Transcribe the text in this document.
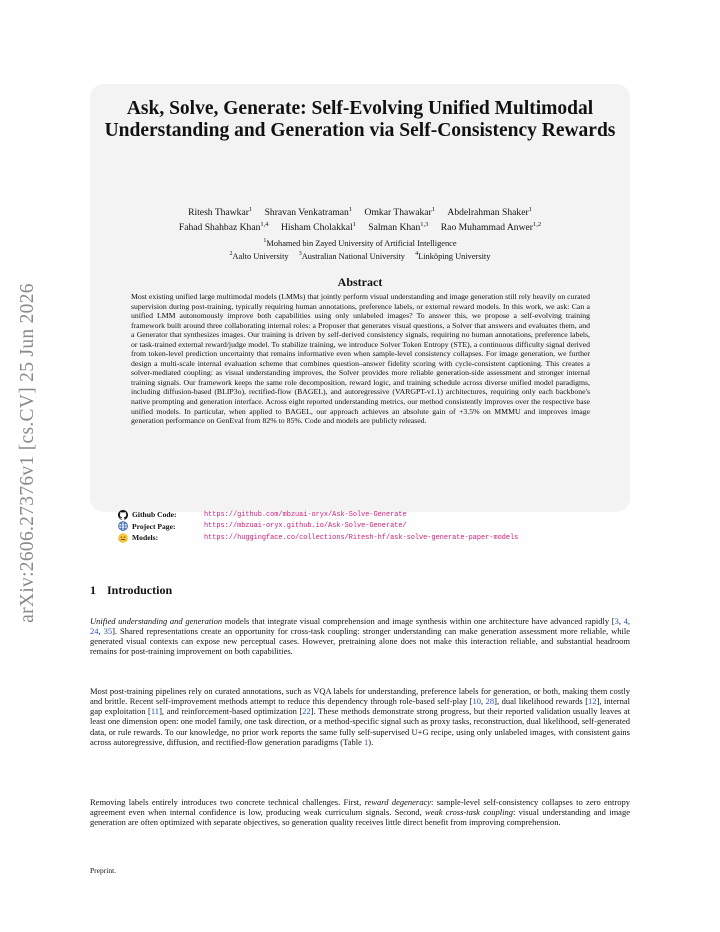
arXiv:2606.27376v1 [cs.CV] 25 Jun 2026
Ask, Solve, Generate: Self-Evolving Unified Multimodal Understanding and Generation via Self-Consistency Rewards
Ritesh Thawkar$^1$ Shravan Venkatraman$^1$ Omkar Thawakar$^1$ Abdelrahman Shaker$^1$
Fahad Shahbaz Khan$^{1,4}$ Hisham Cholakkal$^1$ Salman Khan$^{1,3}$ Rao Muhammad Anwer$^{1,2}$
$^1$Mohamed bin Zayed University of Artificial Intelligence
$^2$Aalto University $^3$Australian National University $^4$Linköping University
Abstract

Most existing unified large multimodal models (LMMs) that jointly perform visual understanding and image generation still rely heavily on curated supervision during post-training, typically requiring human annotations, preference labels, or external reward models. In this work, we ask: Can a unified LMM autonomously improve both capabilities using only unlabeled images? To answer this, we propose a self-evolving training framework built around three collaborating internal roles: a Proposer that generates visual questions, a Solver that answers and evaluates them, and a Generator that synthesizes images. Our training is driven by self-derived consistency signals, requiring no human annotations, preference labels, or task-trained external reward/judge model. To stabilize training, we introduce Solver Token Entropy (STE), a continuous difficulty signal derived from token-level prediction uncertainty that remains informative even when sample-level consistency collapses. For image generation, we further design a multi-scale internal evaluation scheme that combines question–answer fidelity scoring with cycle-consistent captioning. This creates a solver-mediated coupling: as visual understanding improves, the Solver provides more reliable generation-side assessment and stronger internal training signals. Our framework keeps the same role decomposition, reward logic, and training schedule across diverse unified model paradigms, including diffusion-based (BLIP3o), rectified-flow (BAGEL), and autoregressive (VARGPT-v1.1) architectures, requiring only each backbone's native prompting and generation interface. Across eight reported understanding metrics, our method consistently improves over the respective base unified models. In particular, when applied to BAGEL, our approach achieves an absolute gain of +3.5% on MMMU and improves image generation performance on GenEval from 82% to 85%. Code and models are publicly released.

Github Code:	https://github.com/mbzuai-oryx/Ask-Solve-Generate
Project Page:	https://mbzuai-oryx.github.io/Ask-Solve-Generate/
Models:	https://huggingface.co/collections/Ritesh-hf/ask-solve-generate-paper-models
1 Introduction

Unified understanding and generation models that integrate visual comprehension and image synthesis within one architecture have advanced rapidly [3, 4, 24, 35]. Shared representations create an opportunity for cross-task coupling: stronger understanding can make generation assessment more reliable, while generated visual contexts can expose new perceptual cases. However, pretraining alone does not make this interaction reliable, and substantial headroom remains for post-training improvement on both capabilities.

Most post-training pipelines rely on curated annotations, such as VQA labels for understanding, preference labels for generation, or both, making them costly and brittle. Recent self-improvement methods attempt to reduce this dependency through role-based self-play [10, 28], dual likelihood rewards [12], internal gap exploitation [11], and reinforcement-based optimization [22]. These methods demonstrate strong progress, but their reported validation usually leaves at least one dimension open: one model family, one task direction, or a method-specific signal such as proxy tasks, reconstruction, dual likelihood, self-generated data, or rule rewards. To our knowledge, no prior work reports the same fully self-supervised U+G recipe, using only unlabeled images, with consistent gains across autoregressive, diffusion, and rectified-flow generation paradigms (Table 1).

Removing labels entirely introduces two concrete technical challenges. First, reward degeneracy: sample-level self-consistency collapses to zero entropy agreement even when internal confidence is low, producing weak curriculum signals. Second, weak cross-task coupling: visual understanding and image generation are often optimized with separate objectives, so generation quality receives little direct benefit from improving comprehension.

Preprint.
